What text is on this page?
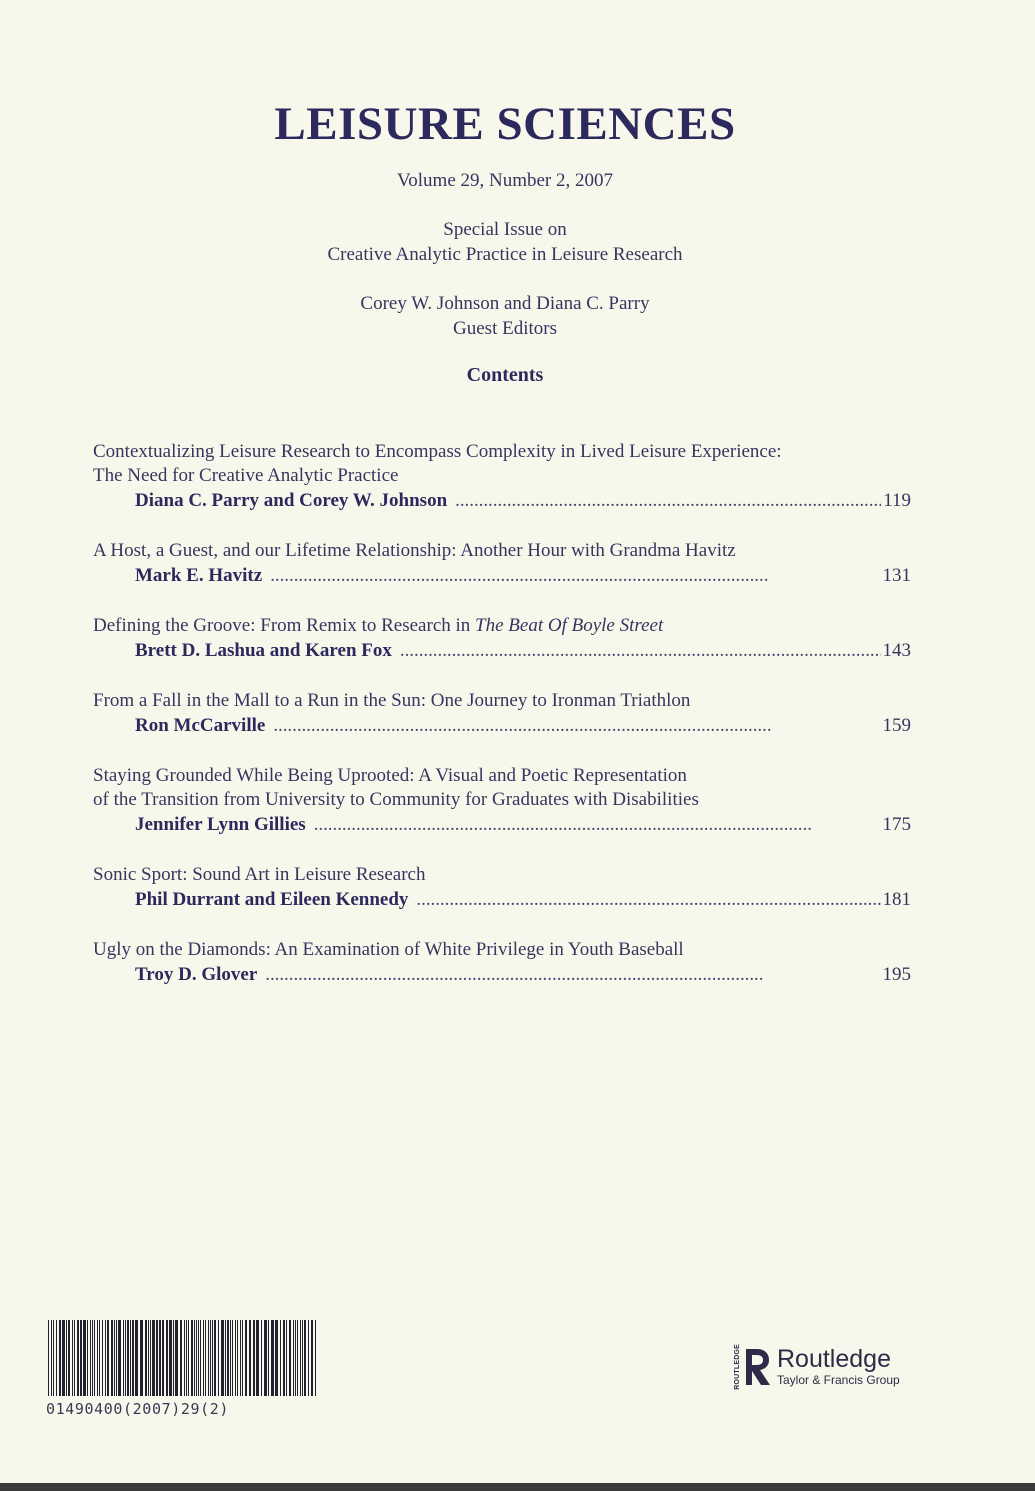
LEISURE SCIENCES
Volume 29, Number 2, 2007
Special Issue on
Creative Analytic Practice in Leisure Research
Corey W. Johnson and Diana C. Parry
Guest Editors
Contents
Contextualizing Leisure Research to Encompass Complexity in Lived Leisure Experience:
The Need for Creative Analytic Practice
Diana C. Parry and Corey W. Johnson . . .	119
A Host, a Guest, and our Lifetime Relationship: Another Hour with Grandma Havitz
Mark E. Havitz . . .	131
Defining the Groove: From Remix to Research in The Beat Of Boyle Street
Brett D. Lashua and Karen Fox . . .	143
From a Fall in the Mall to a Run in the Sun: One Journey to Ironman Triathlon
Ron McCarville . . .	159
Staying Grounded While Being Uprooted: A Visual and Poetic Representation
of the Transition from University to Community for Graduates with Disabilities
Jennifer Lynn Gillies . . .	175
Sonic Sport: Sound Art in Leisure Research
Phil Durrant and Eileen Kennedy . . .	181
Ugly on the Diamonds: An Examination of White Privilege in Youth Baseball
Troy D. Glover . . .	195
01490400(2007)29(2)
ROUTLEDGE Routledge
Taylor & Francis Group
